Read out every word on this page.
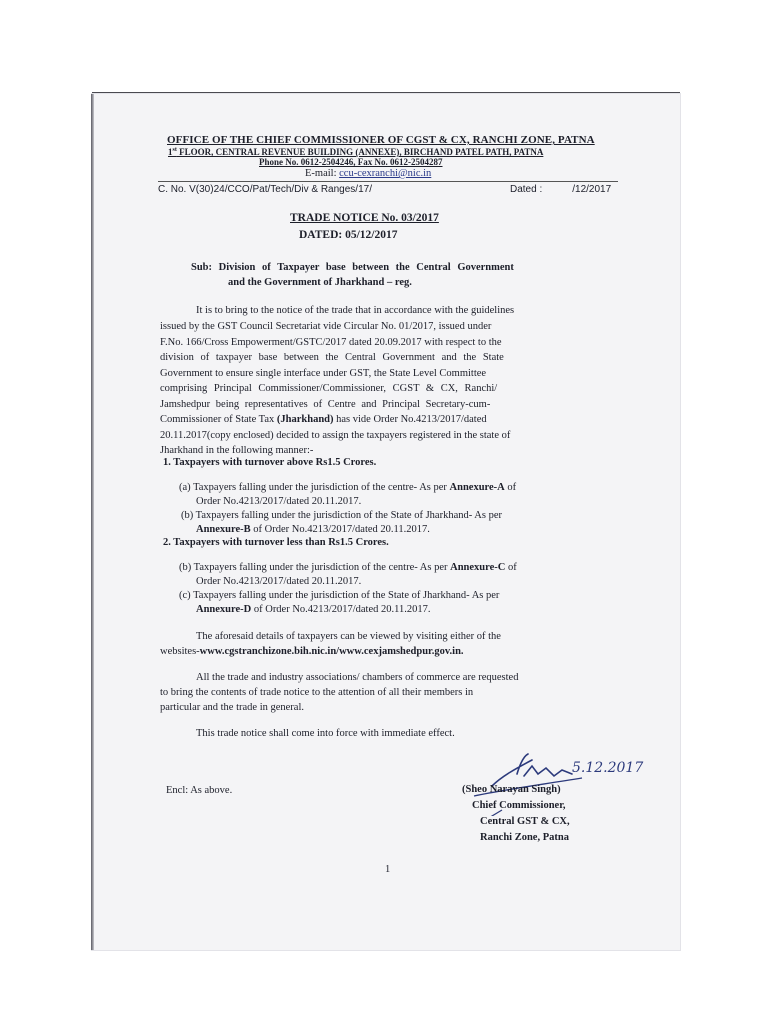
OFFICE OF THE CHIEF COMMISSIONER OF CGST & CX, RANCHI ZONE, PATNA
1st FLOOR, CENTRAL REVENUE BUILDING (ANNEXE), BIRCHAND PATEL PATH, PATNA
Phone No. 0612-2504246, Fax No. 0612-2504287
E-mail: ccu-cexranchi@nic.in
C. No. V(30)24/CCO/Pat/Tech/Div & Ranges/17/	Dated :	/12/2017
TRADE NOTICE No. 03/2017
DATED: 05/12/2017
Sub: Division of Taxpayer base between the Central Government
and the Government of Jharkhand – reg.
It is to bring to the notice of the trade that in accordance with the guidelines
issued by the GST Council Secretariat vide Circular No. 01/2017, issued under
F.No. 166/Cross Empowerment/GSTC/2017 dated 20.09.2017 with respect to the
division of taxpayer base between the Central Government and the State
Government to ensure single interface under GST, the State Level Committee
comprising Principal Commissioner/Commissioner, CGST & CX, Ranchi/
Jamshedpur being representatives of Centre and Principal Secretary-cum-
Commissioner of State Tax (Jharkhand) has vide Order No.4213/2017/dated
20.11.2017(copy enclosed) decided to assign the taxpayers registered in the state of
Jharkhand in the following manner:-
1. Taxpayers with turnover above Rs1.5 Crores.
(a) Taxpayers falling under the jurisdiction of the centre- As per Annexure-A of
Order No.4213/2017/dated 20.11.2017.
(b) Taxpayers falling under the jurisdiction of the State of Jharkhand- As per
Annexure-B of Order No.4213/2017/dated 20.11.2017.
2. Taxpayers with turnover less than Rs1.5 Crores.
(b) Taxpayers falling under the jurisdiction of the centre- As per Annexure-C of
Order No.4213/2017/dated 20.11.2017.
(c) Taxpayers falling under the jurisdiction of the State of Jharkhand- As per
Annexure-D of Order No.4213/2017/dated 20.11.2017.
The aforesaid details of taxpayers can be viewed by visiting either of the
websites-www.cgstranchizone.bih.nic.in/www.cexjamshedpur.gov.in.
All the trade and industry associations/ chambers of commerce are requested
to bring the contents of trade notice to the attention of all their members in
particular and the trade in general.
This trade notice shall come into force with immediate effect.
Encl: As above.
5.12.2017
(Sheo Narayan Singh)
Chief Commissioner,
Central GST & CX,
Ranchi Zone, Patna
1
